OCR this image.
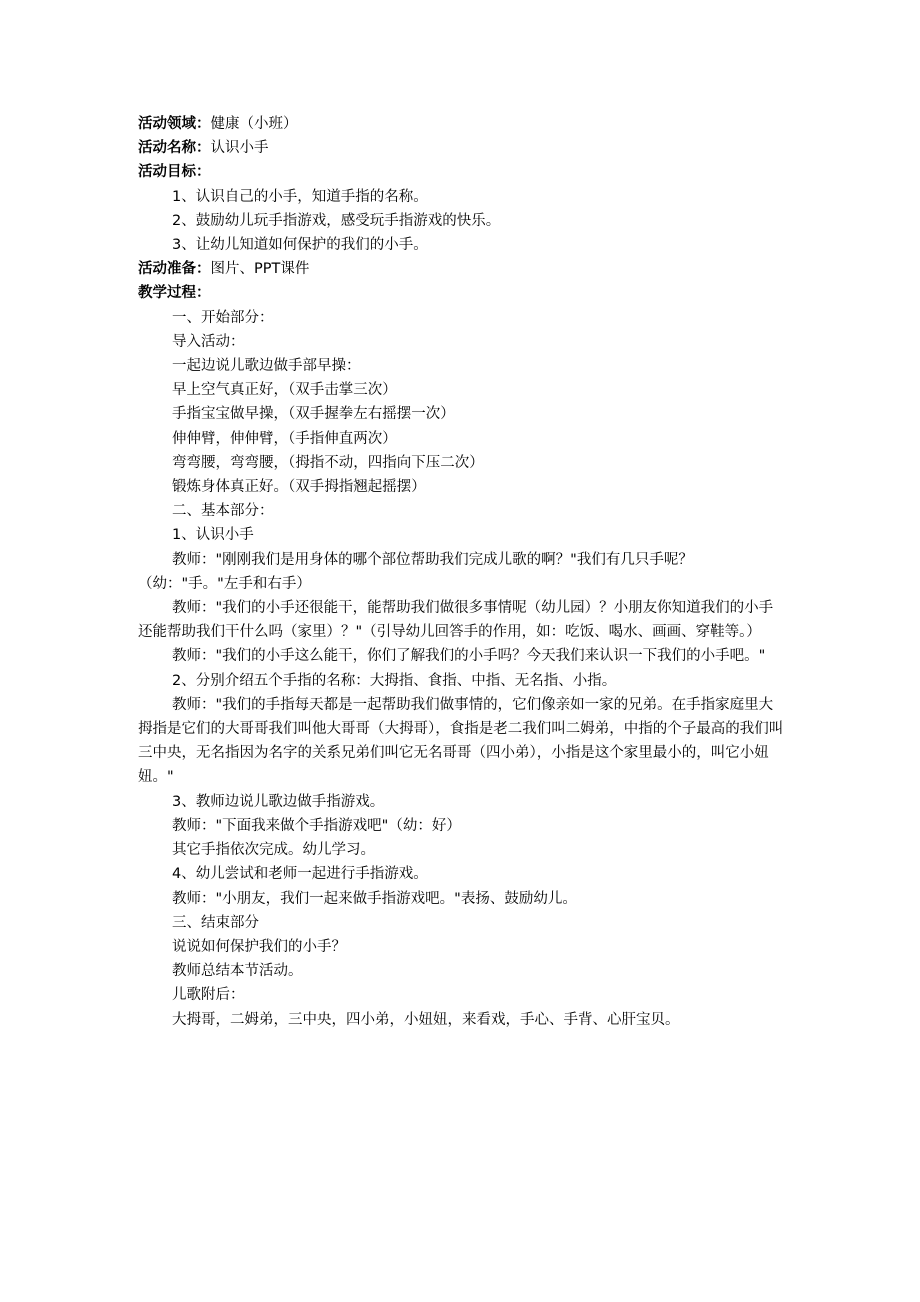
活动领域：健康（小班）
活动名称：认识小手
活动目标：
1、认识自己的小手，知道手指的名称。
2、鼓励幼儿玩手指游戏，感受玩手指游戏的快乐。
3、让幼儿知道如何保护的我们的小手。
活动准备：图片、PPT课件
教学过程：
一、开始部分：
导入活动：
一起边说儿歌边做手部早操：
早上空气真正好，（双手击掌三次）
手指宝宝做早操，（双手握拳左右摇摆一次）
伸伸臂，伸伸臂，（手指伸直两次）
弯弯腰，弯弯腰，（拇指不动，四指向下压二次）
锻炼身体真正好。（双手拇指翘起摇摆）
二、基本部分：
1、认识小手
教师："刚刚我们是用身体的哪个部位帮助我们完成儿歌的啊？"我们有几只手呢？（幼："手。"左手和右手）
教师："我们的小手还很能干，能帮助我们做很多事情呢（幼儿园）？小朋友你知道我们的小手还能帮助我们干什么吗（家里）？"（引导幼儿回答手的作用，如：吃饭、喝水、画画、穿鞋等。）
教师："我们的小手这么能干，你们了解我们的小手吗？今天我们来认识一下我们的小手吧。"
2、分别介绍五个手指的名称：大拇指、食指、中指、无名指、小指。
教师："我们的手指每天都是一起帮助我们做事情的，它们像亲如一家的兄弟。在手指家庭里大拇指是它们的大哥哥我们叫他大哥哥（大拇哥），食指是老二我们叫二姆弟，中指的个子最高的我们叫三中央，无名指因为名字的关系兄弟们叫它无名哥哥（四小弟），小指是这个家里最小的，叫它小妞妞。"
3、教师边说儿歌边做手指游戏。
教师："下面我来做个手指游戏吧"（幼：好）
其它手指依次完成。幼儿学习。
4、幼儿尝试和老师一起进行手指游戏。
教师："小朋友，我们一起来做手指游戏吧。"表扬、鼓励幼儿。
三、结束部分
说说如何保护我们的小手？
教师总结本节活动。
儿歌附后：
大拇哥，二姆弟，三中央，四小弟，小妞妞，来看戏，手心、手背、心肝宝贝。
